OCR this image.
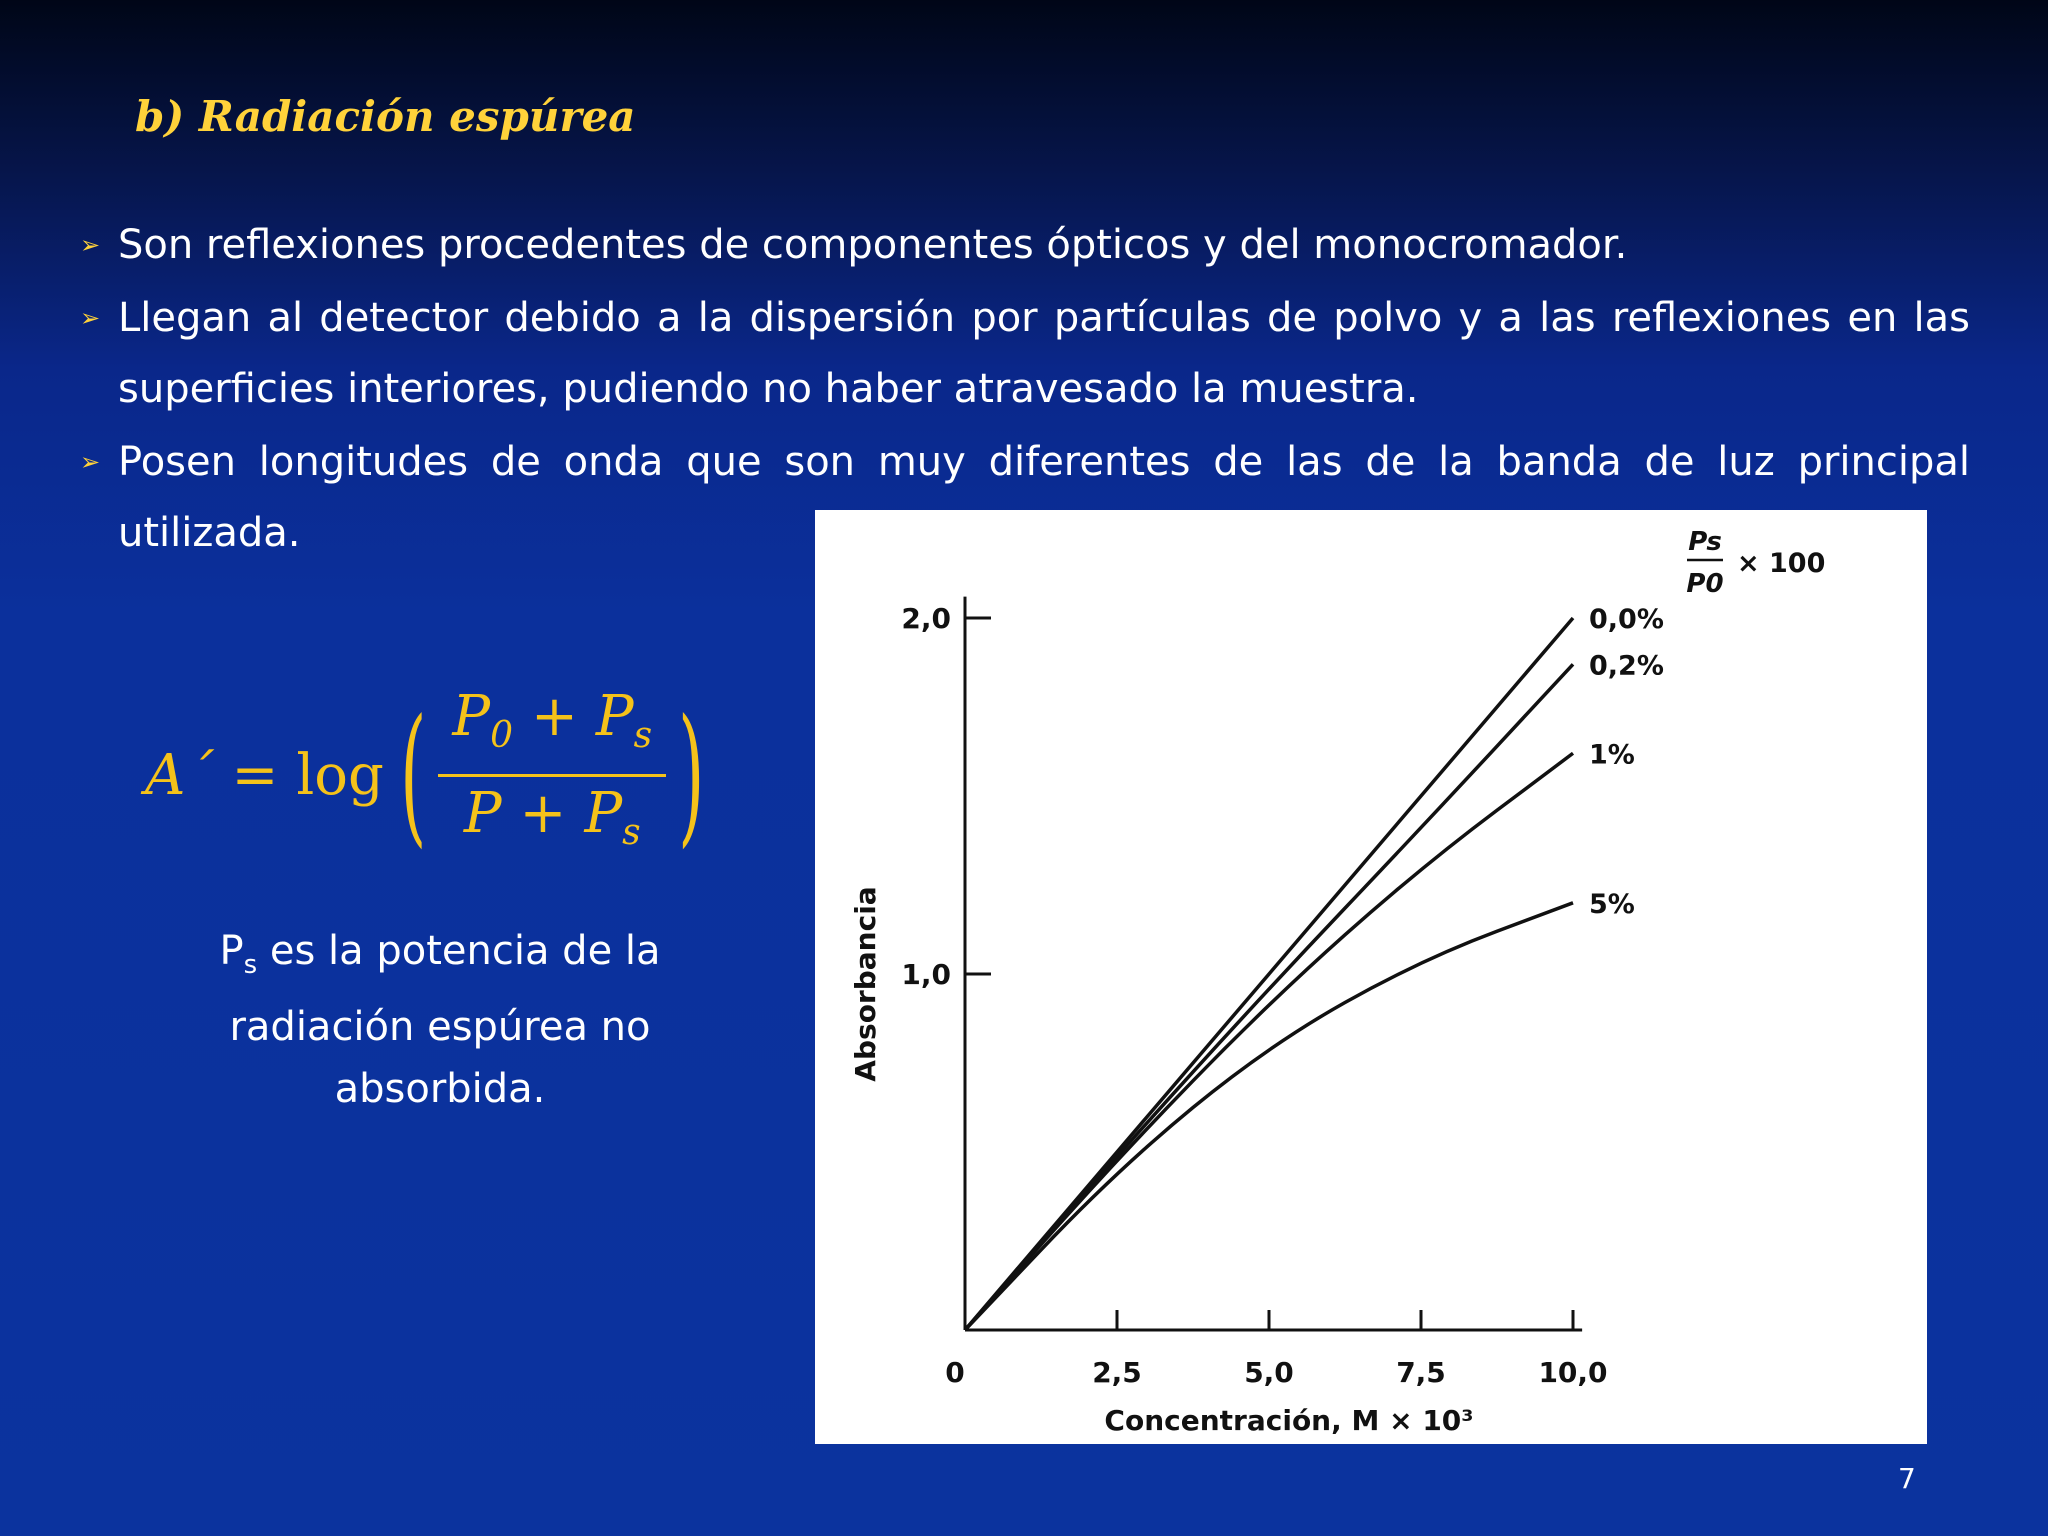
b) Radiación espúrea
➢ Son reflexiones procedentes de componentes ópticos y del monocromador.
➢ Llegan al detector debido a la dispersión por partículas de polvo y a las reflexiones en las superficies interiores, pudiendo no haber atravesado la muestra.
➢ Posen longitudes de onda que son muy diferentes de las de la banda de luz principal utilizada.
A´ = log ( $\frac{P_0 + P_s}{P + P_s}$ )
$P_s$ es la potencia de la radiación espúrea no absorbida.
1,0
2,0
0	2,5	5,0	7,5	10,0
Concentración, M × 10³
Absorbancia
0,0%
0,2%
1%
5%
Ps
P0
× 100
7
